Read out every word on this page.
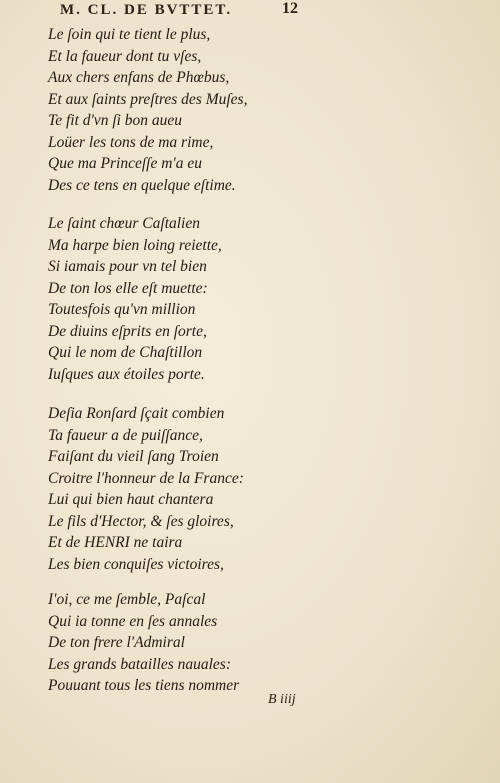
M. CL. DE BVTTET.	12
Le ſoin qui te tient le plus,
Et la faueur dont tu vſes,
Aux chers enfans de Phœbus,
Et aux ſaints preſtres des Muſes,
Te fit d'vn ſi bon aueu
Loüer les tons de ma rime,
Que ma Princeſſe m'a eu
Des ce tens en quelque eſtime.
Le ſaint chœur Caſtalien
Ma harpe bien loing reiette,
Si iamais pour vn tel bien
De ton los elle eſt muette:
Toutesfois qu'vn million
De diuins eſprits en ſorte,
Qui le nom de Chaſtillon
Iuſques aux étoiles porte.
Deſia Ronſard ſçait combien
Ta faueur a de puiſſance,
Faiſant du vieil ſang Troien
Croitre l'honneur de la France:
Lui qui bien haut chantera
Le fils d'Hector, & ſes gloires,
Et de HENRI ne taira
Les bien conquiſes victoires,
I'oi, ce me ſemble, Paſcal
Qui ia tonne en ſes annales
De ton frere l'Admiral
Les grands batailles nauales:
Pouuant tous les tiens nommer
B iiij
